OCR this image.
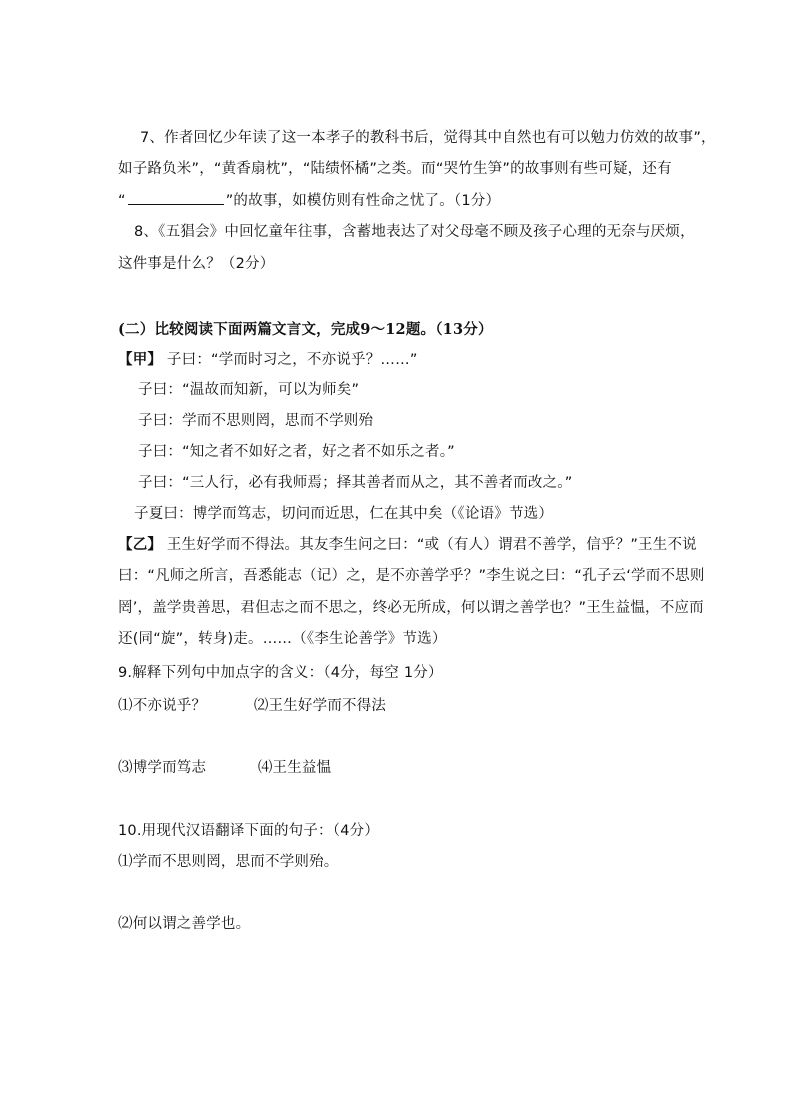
7、作者回忆少年读了这一本孝子的教科书后，觉得其中自然也有可以勉力仿效的故事”，
如子路负米”，“黄香扇枕”，“陆绩怀橘”之类。而“哭竹生笋”的故事则有些可疑，还有
“	”的故事，如模仿则有性命之忧了。（1分）
8、《五猖会》中回忆童年往事，含蓄地表达了对父母毫不顾及孩子心理的无奈与厌烦，
这件事是什么？（2分）
(二）比较阅读下面两篇文言文，完成9～12题。（13分）
【甲】 子曰：“学而时习之，不亦说乎？……”
子曰：“温故而知新，可以为师矣”
子曰：学而不思则罔，思而不学则殆
子曰：“知之者不如好之者，好之者不如乐之者。”
子曰：“三人行，必有我师焉；择其善者而从之，其不善者而改之。”
子夏曰：博学而笃志，切问而近思，仁在其中矣（《论语》节选）
【乙】 王生好学而不得法。其友李生问之曰：“或（有人）谓君不善学，信乎？”王生不说
曰：“凡师之所言，吾悉能志（记）之，是不亦善学乎？”李生说之曰：“孔子云‘学而不思则
罔’，盖学贵善思，君但志之而不思之，终必无所成，何以谓之善学也？”王生益愠，不应而
还(同“旋”，转身)走。……（《李生论善学》节选）
9.解释下列句中加点字的含义：（4分，每空 1分）
⑴不亦说乎？	⑵王生好学而不得法
⑶博学而笃志	⑷王生益愠
10.用现代汉语翻译下面的句子：（4分）
⑴学而不思则罔，思而不学则殆。
⑵何以谓之善学也。
